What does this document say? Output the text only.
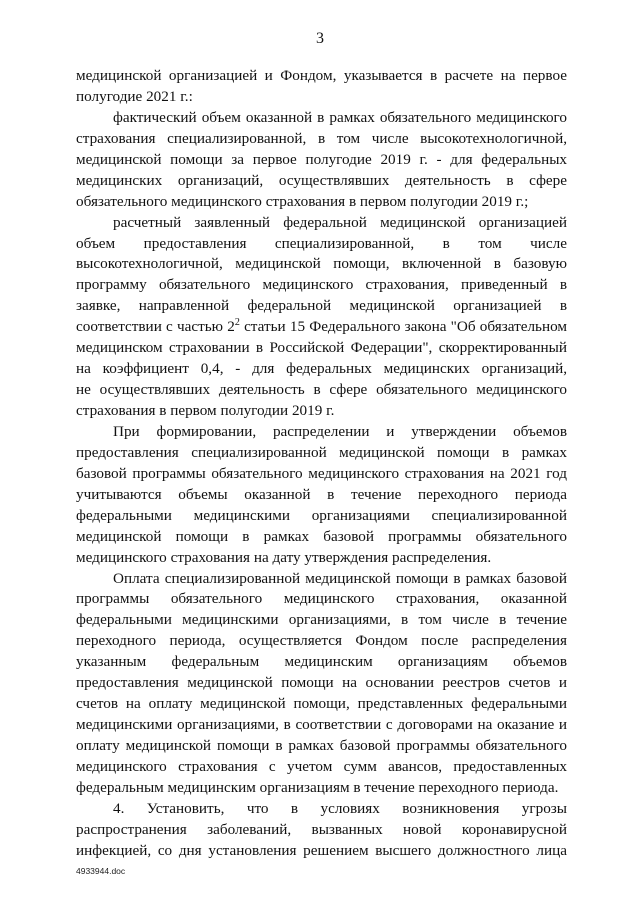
3
медицинской организацией и Фондом, указывается в расчете на первое
полугодие 2021 г.:
фактический объем оказанной в рамках обязательного медицинского
страхования специализированной, в том числе высокотехнологичной,
медицинской помощи за первое полугодие 2019 г. - для федеральных
медицинских организаций, осуществлявших деятельность в сфере
обязательного медицинского страхования в первом полугодии 2019 г.;
расчетный заявленный федеральной медицинской организацией
объем предоставления специализированной, в том числе
высокотехнологичной, медицинской помощи, включенной в базовую
программу обязательного медицинского страхования, приведенный в
заявке, направленной федеральной медицинской организацией в
соответствии с частью $2^2$ статьи 15 Федерального закона "Об обязательном
медицинском страховании в Российской Федерации", скорректированный
на коэффициент 0,4, - для федеральных медицинских организаций,
не осуществлявших деятельность в сфере обязательного медицинского
страхования в первом полугодии 2019 г.
При формировании, распределении и утверждении объемов
предоставления специализированной медицинской помощи в рамках
базовой программы обязательного медицинского страхования на 2021 год
учитываются объемы оказанной в течение переходного периода
федеральными медицинскими организациями специализированной
медицинской помощи в рамках базовой программы обязательного
медицинского страхования на дату утверждения распределения.
Оплата специализированной медицинской помощи в рамках базовой
программы обязательного медицинского страхования, оказанной
федеральными медицинскими организациями, в том числе в течение
переходного периода, осуществляется Фондом после распределения
указанным федеральным медицинским организациям объемов
предоставления медицинской помощи на основании реестров счетов и
счетов на оплату медицинской помощи, представленных федеральными
медицинскими организациями, в соответствии с договорами на оказание и
оплату медицинской помощи в рамках базовой программы обязательного
медицинского страхования с учетом сумм авансов, предоставленных
федеральным медицинским организациям в течение переходного периода.
4. Установить, что в условиях возникновения угрозы
распространения заболеваний, вызванных новой коронавирусной
инфекцией, со дня установления решением высшего должностного лица
4933944.doc
